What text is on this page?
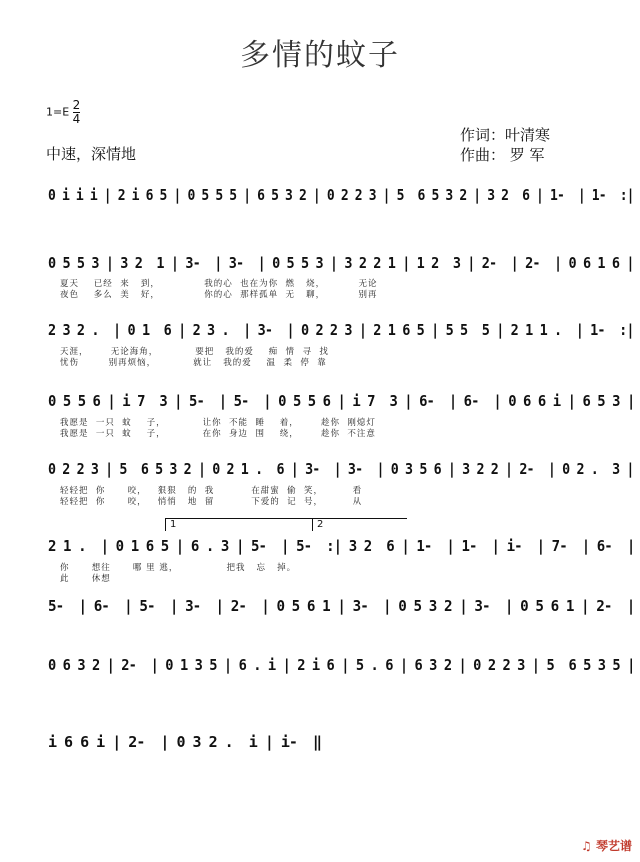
多情的蚊子
$1=E \frac{2}{4}$
中速，深情地
作词：叶清寒
作曲： 罗 军
0 i i i | 2 i 6 5 | 0 5 5 5 | 6 5 3 2 | 0 2 2 3 | 5  6 5 3 2 | 3 2  6 | 1-  | 1-  :|
0 5 5 3 | 3 2  1 | 3-  | 3-  | 0 5 5 3 | 3 2 2 1 | 1 2  3 | 2-  | 2-  | 0 6 1 6 |
夏天    已经  来   到，            我的心  也在为你  燃   烧，         无论
夜色    多么  美   好，            你的心  那样孤单  无   聊，         别再
2 3 2 .  | 0 1  6 | 2 3 .  | 3-  | 0 2 2 3 | 2 1 6 5 | 5 5  5 | 2 1 1 .  | 1-  :|
天涯，      无论海角，          要把   我的爱    痴  情  寻  找
忧伤        别再烦恼，          就让   我的爱    温  柔  停  靠
0 5 5 6 | i 7  3 | 5-  | 5-  | 0 5 5 6 | i 7  3 | 6-  | 6-  | 0 6 6 i | 6 5 3 |
我愿是  一只  蚊    子，          让你  不能  睡    着，      趁你  刚熄灯
我愿是  一只  蚊    子，          在你  身边  围    绕，      趁你  不注意
0 2 2 3 | 5  6 5 3 2 | 0 2 1 .  6 | 3-  | 3-  | 0 3 5 6 | 3 2 2 | 2-  | 0 2 .  3 |
轻轻把  你      咬，   狠狠   的  我          在甜蜜  偷  笑，        看
轻轻把  你      咬，   悄悄   地  留          下爱的  记  号，        从
1	2
2 1 .  | 0 1 6 5 | 6 . 3 | 5-  | 5-  :| 3 2  6 | 1-  | 1-  | i-  | 7-  | 6-  |
你      想往      哪 里 逃，             把我   忘   掉。
此      休想
5-  | 6-  | 5-  | 3-  | 2-  | 0 5 6 1 | 3-  | 0 5 3 2 | 3-  | 0 5 6 1 | 2-  |
0 6 3 2 | 2-  | 0 1 3 5 | 6 . i | 2 i 6 | 5 . 6 | 6 3 2 | 0 2 2 3 | 5  6 5 3 5 |
i 6 6 i | 2-  | 0 3 2 .  i | i-  ‖
♫ 琴艺谱
